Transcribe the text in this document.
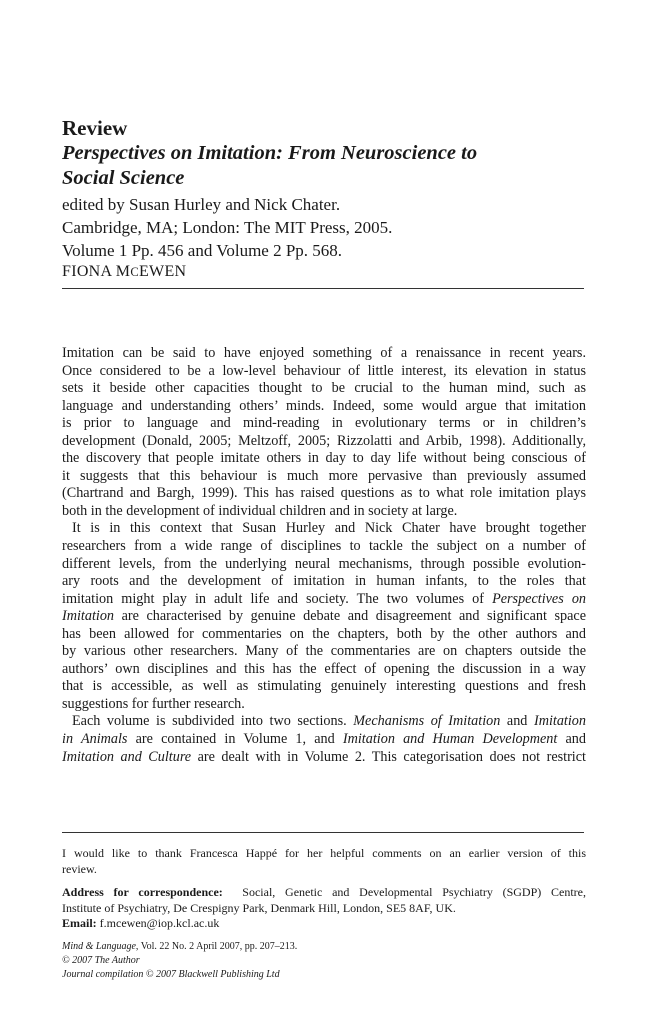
Review
Perspectives on Imitation: From Neuroscience to
Social Science
edited by Susan Hurley and Nick Chater.
Cambridge, MA; London: The MIT Press, 2005.
Volume 1 Pp. 456 and Volume 2 Pp. 568.
FIONA MCEWEN
Imitation can be said to have enjoyed something of a renaissance in recent years.
Once considered to be a low-level behaviour of little interest, its elevation in status
sets it beside other capacities thought to be crucial to the human mind, such as
language and understanding others’ minds. Indeed, some would argue that imitation
is prior to language and mind-reading in evolutionary terms or in children’s
development (Donald, 2005; Meltzoff, 2005; Rizzolatti and Arbib, 1998). Additionally,
the discovery that people imitate others in day to day life without being conscious of
it suggests that this behaviour is much more pervasive than previously assumed
(Chartrand and Bargh, 1999). This has raised questions as to what role imitation plays
both in the development of individual children and in society at large.
It is in this context that Susan Hurley and Nick Chater have brought together
researchers from a wide range of disciplines to tackle the subject on a number of
different levels, from the underlying neural mechanisms, through possible evolution-
ary roots and the development of imitation in human infants, to the roles that
imitation might play in adult life and society. The two volumes of Perspectives on
Imitation are characterised by genuine debate and disagreement and significant space
has been allowed for commentaries on the chapters, both by the other authors and
by various other researchers. Many of the commentaries are on chapters outside the
authors’ own disciplines and this has the effect of opening the discussion in a way
that is accessible, as well as stimulating genuinely interesting questions and fresh
suggestions for further research.
Each volume is subdivided into two sections. Mechanisms of Imitation and Imitation
in Animals are contained in Volume 1, and Imitation and Human Development and
Imitation and Culture are dealt with in Volume 2. This categorisation does not restrict
I would like to thank Francesca Happé for her helpful comments on an earlier version of this
review.
Address for correspondence: Social, Genetic and Developmental Psychiatry (SGDP) Centre,
Institute of Psychiatry, De Crespigny Park, Denmark Hill, London, SE5 8AF, UK.
Email: f.mcewen@iop.kcl.ac.uk
Mind & Language, Vol. 22 No. 2 April 2007, pp. 207–213.
© 2007 The Author
Journal compilation © 2007 Blackwell Publishing Ltd
